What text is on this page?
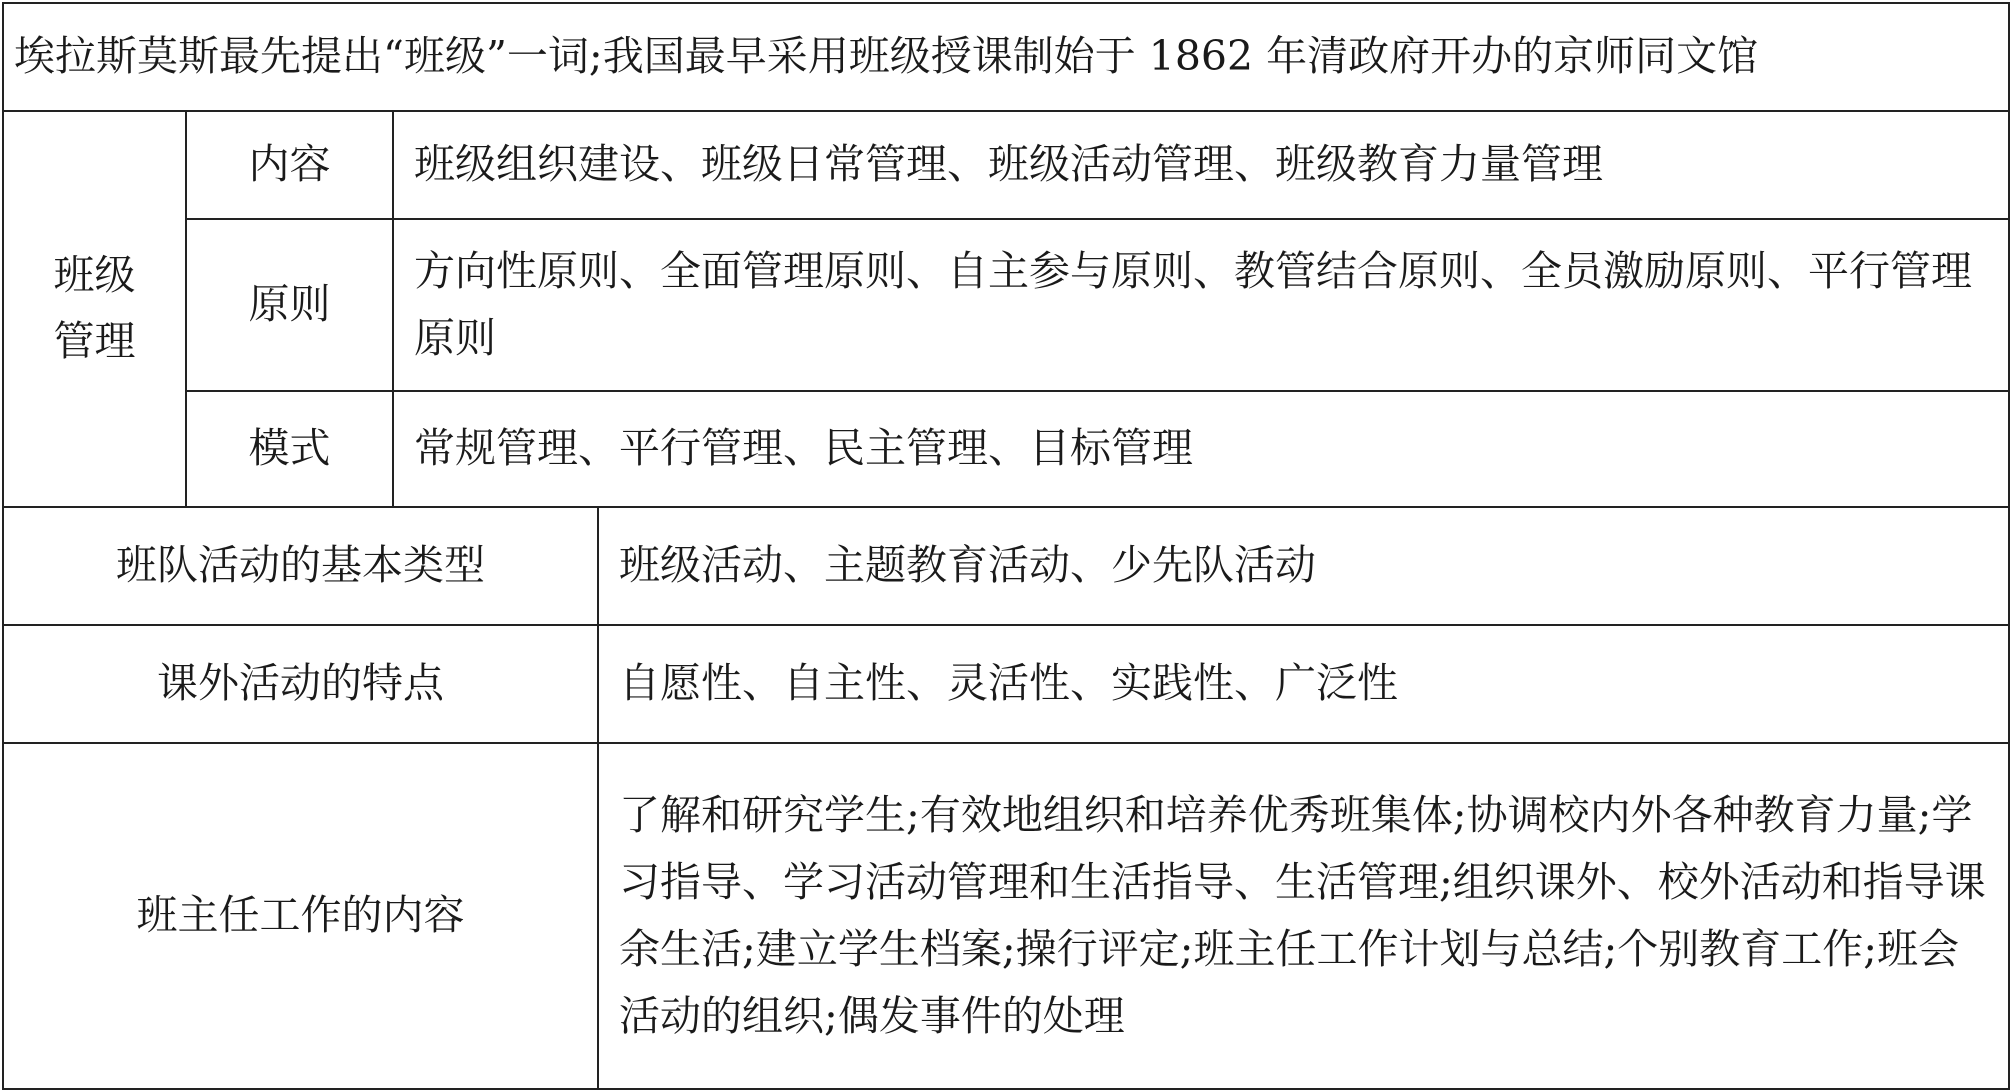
埃拉斯莫斯最先提出“班级”一词;我国最早采用班级授课制始于 1862 年清政府开办的京师同文馆			
班级管理	内容	班级组织建设、班级日常管理、班级活动管理、班级教育力量管理	
	原则	方向性原则、全面管理原则、自主参与原则、教管结合原则、全员激励原则、平行管理原则	
	模式	常规管理、平行管理、民主管理、目标管理	
班队活动的基本类型			班级活动、主题教育活动、少先队活动
课外活动的特点			自愿性、自主性、灵活性、实践性、广泛性
班主任工作的内容			了解和研究学生;有效地组织和培养优秀班集体;协调校内外各种教育力量;学习指导、学习活动管理和生活指导、生活管理;组织课外、校外活动和指导课余生活;建立学生档案;操行评定;班主任工作计划与总结;个别教育工作;班会活动的组织;偶发事件的处理
